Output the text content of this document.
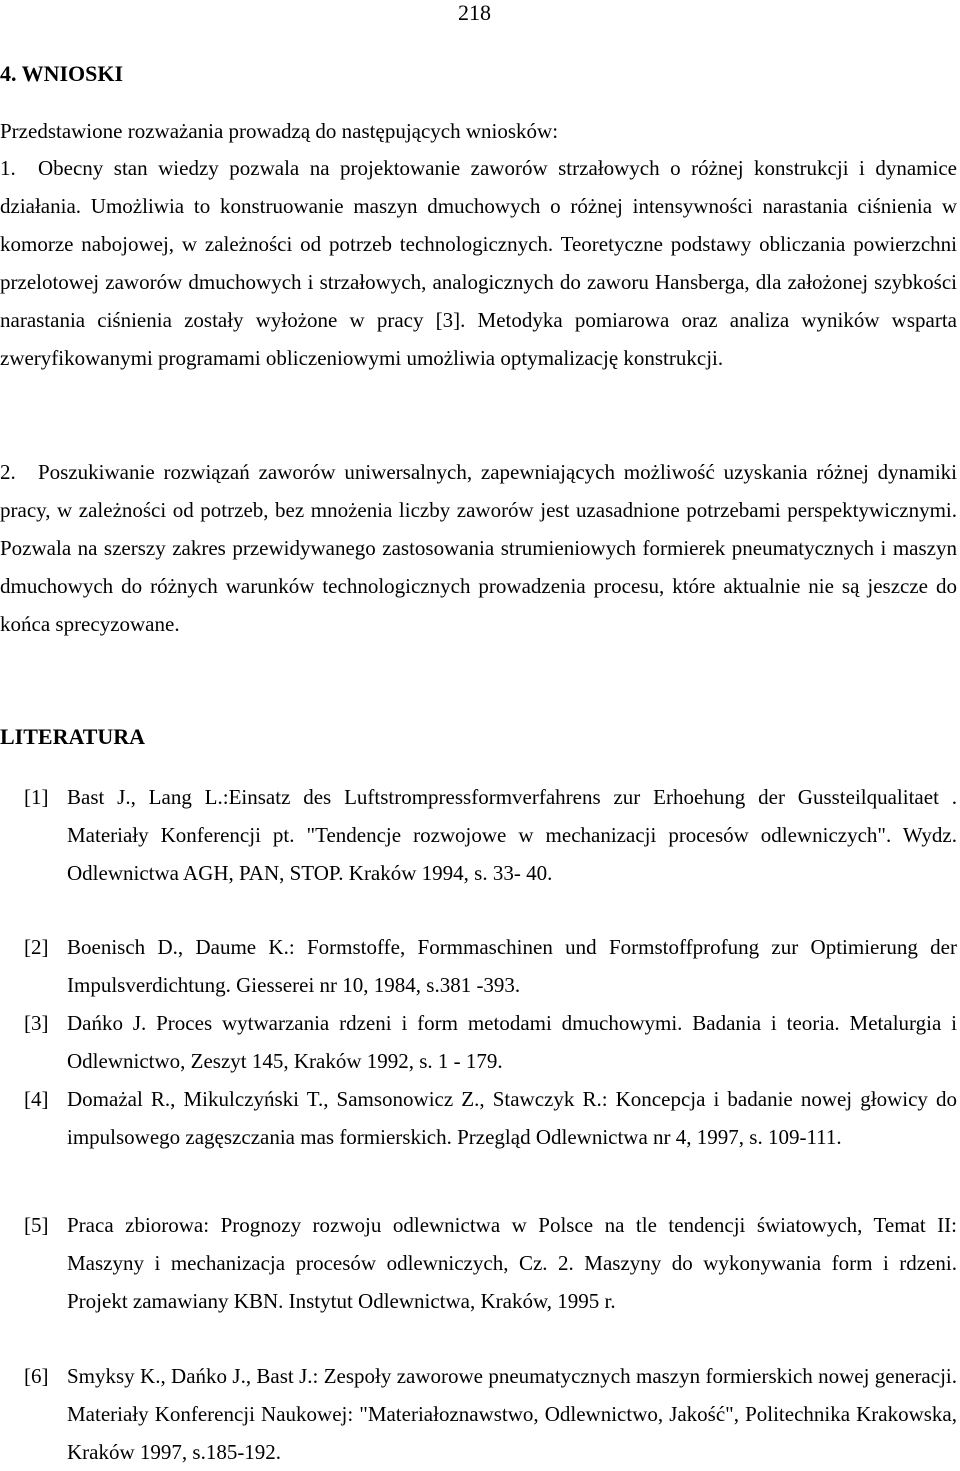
218
4. WNIOSKI
Przedstawione rozważania prowadzą do następujących wniosków:
1. Obecny stan wiedzy pozwala na projektowanie zaworów strzałowych o różnej konstrukcji i dynamice działania. Umożliwia to konstruowanie maszyn dmuchowych o różnej intensywności narastania ciśnienia w komorze nabojowej, w zależności od potrzeb technologicznych. Teoretyczne podstawy obliczania powierzchni przelotowej zaworów dmuchowych i strzałowych, analogicznych do zaworu Hansberga, dla założonej szybkości narastania ciśnienia zostały wyłożone w pracy [3]. Metodyka pomiarowa oraz analiza wyników wsparta zweryfikowanymi programami obliczeniowymi umożliwia optymalizację konstrukcji.
2. Poszukiwanie rozwiązań zaworów uniwersalnych, zapewniających możliwość uzyskania różnej dynamiki pracy, w zależności od potrzeb, bez mnożenia liczby zaworów jest uzasadnione potrzebami perspektywicznymi. Pozwala na szerszy zakres przewidywanego zastosowania strumieniowych formierek pneumatycznych i maszyn dmuchowych do różnych warunków technologicznych prowadzenia procesu, które aktualnie nie są jeszcze do końca sprecyzowane.
LITERATURA
[1] Bast J., Lang L.:Einsatz des Luftstrompressformverfahrens zur Erhoehung der Gussteilqualitaet . Materiały Konferencji pt. "Tendencje rozwojowe w mechanizacji procesów odlewniczych". Wydz. Odlewnictwa AGH, PAN, STOP. Kraków 1994, s. 33- 40.
[2] Boenisch D., Daume K.: Formstoffe, Formmaschinen und Formstoffprofung zur Optimierung der Impulsverdichtung. Giesserei nr 10, 1984, s.381 -393.
[3] Dańko J. Proces wytwarzania rdzeni i form metodami dmuchowymi. Badania i teoria. Metalurgia i Odlewnictwo, Zeszyt 145, Kraków 1992, s. 1 - 179.
[4] Domażal R., Mikulczyński T., Samsonowicz Z., Stawczyk R.: Koncepcja i badanie nowej głowicy do impulsowego zagęszczania mas formierskich. Przegląd Odlewnictwa nr 4, 1997, s. 109-111.
[5] Praca zbiorowa: Prognozy rozwoju odlewnictwa w Polsce na tle tendencji światowych, Temat II: Maszyny i mechanizacja procesów odlewniczych, Cz. 2. Maszyny do wykonywania form i rdzeni. Projekt zamawiany KBN. Instytut Odlewnictwa, Kraków, 1995 r.
[6] Smyksy K., Dańko J., Bast J.: Zespoły zaworowe pneumatycznych maszyn formierskich nowej generacji. Materiały Konferencji Naukowej: "Materiałoznawstwo, Odlewnictwo, Jakość", Politechnika Krakowska, Kraków 1997, s.185-192.
